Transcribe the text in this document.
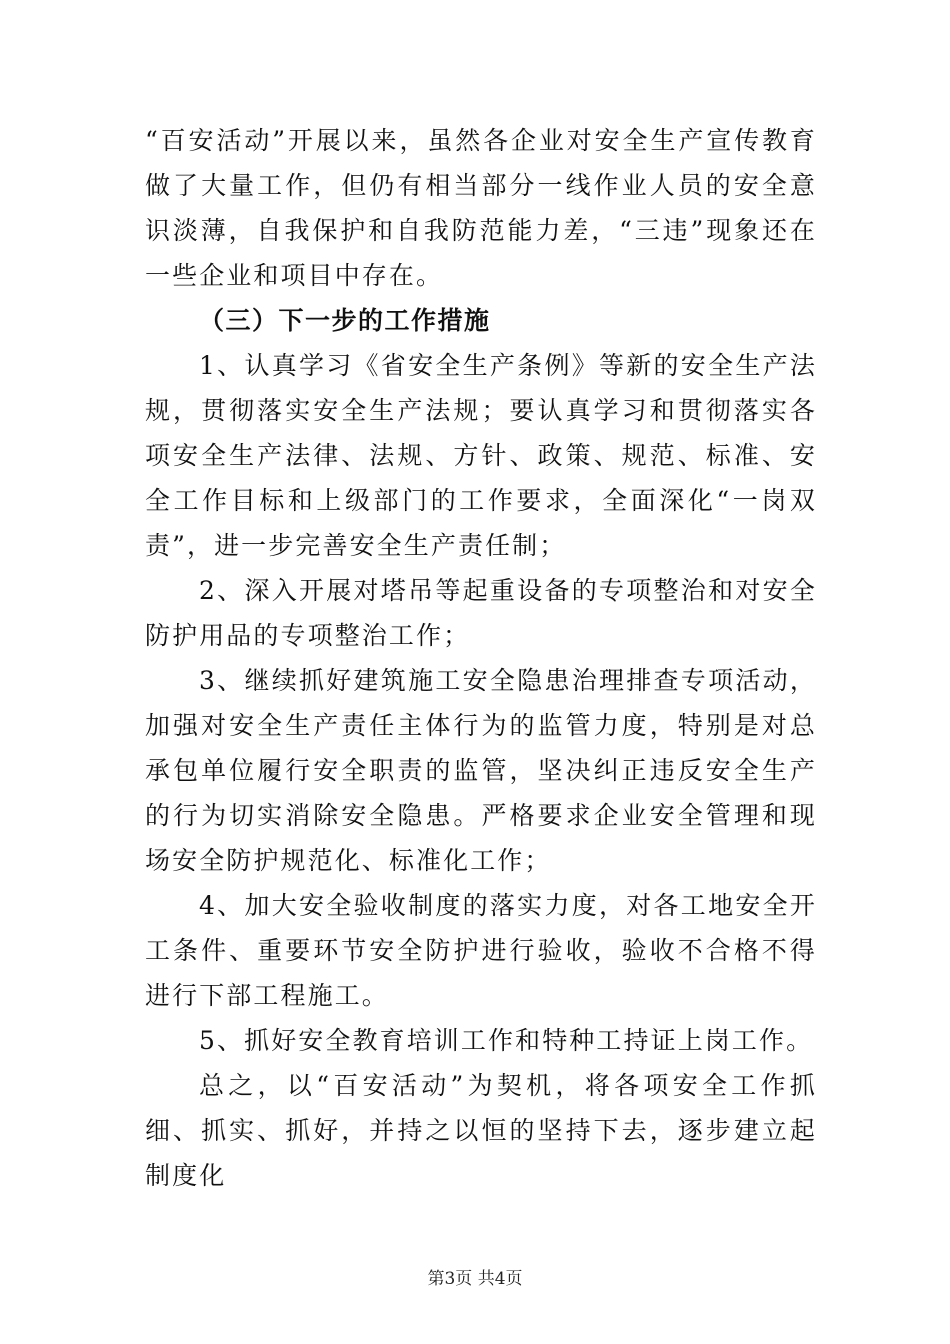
“百安活动”开展以来，虽然各企业对安全生产宣传教育做了大量工作，但仍有相当部分一线作业人员的安全意识淡薄，自我保护和自我防范能力差，“三违”现象还在一些企业和项目中存在。

（三）下一步的工作措施

1、认真学习《省安全生产条例》等新的安全生产法规，贯彻落实安全生产法规；要认真学习和贯彻落实各项安全生产法律、法规、方针、政策、规范、标准、安全工作目标和上级部门的工作要求，全面深化“一岗双责”，进一步完善安全生产责任制；

2、深入开展对塔吊等起重设备的专项整治和对安全防护用品的专项整治工作；

3、继续抓好建筑施工安全隐患治理排查专项活动，加强对安全生产责任主体行为的监管力度，特别是对总承包单位履行安全职责的监管，坚决纠正违反安全生产的行为切实消除安全隐患。严格要求企业安全管理和现场安全防护规范化、标准化工作；

4、加大安全验收制度的落实力度，对各工地安全开工条件、重要环节安全防护进行验收，验收不合格不得进行下部工程施工。

5、抓好安全教育培训工作和特种工持证上岗工作。

总之，以“百安活动”为契机，将各项安全工作抓细、抓实、抓好，并持之以恒的坚持下去，逐步建立起制度化

第3页 共4页
